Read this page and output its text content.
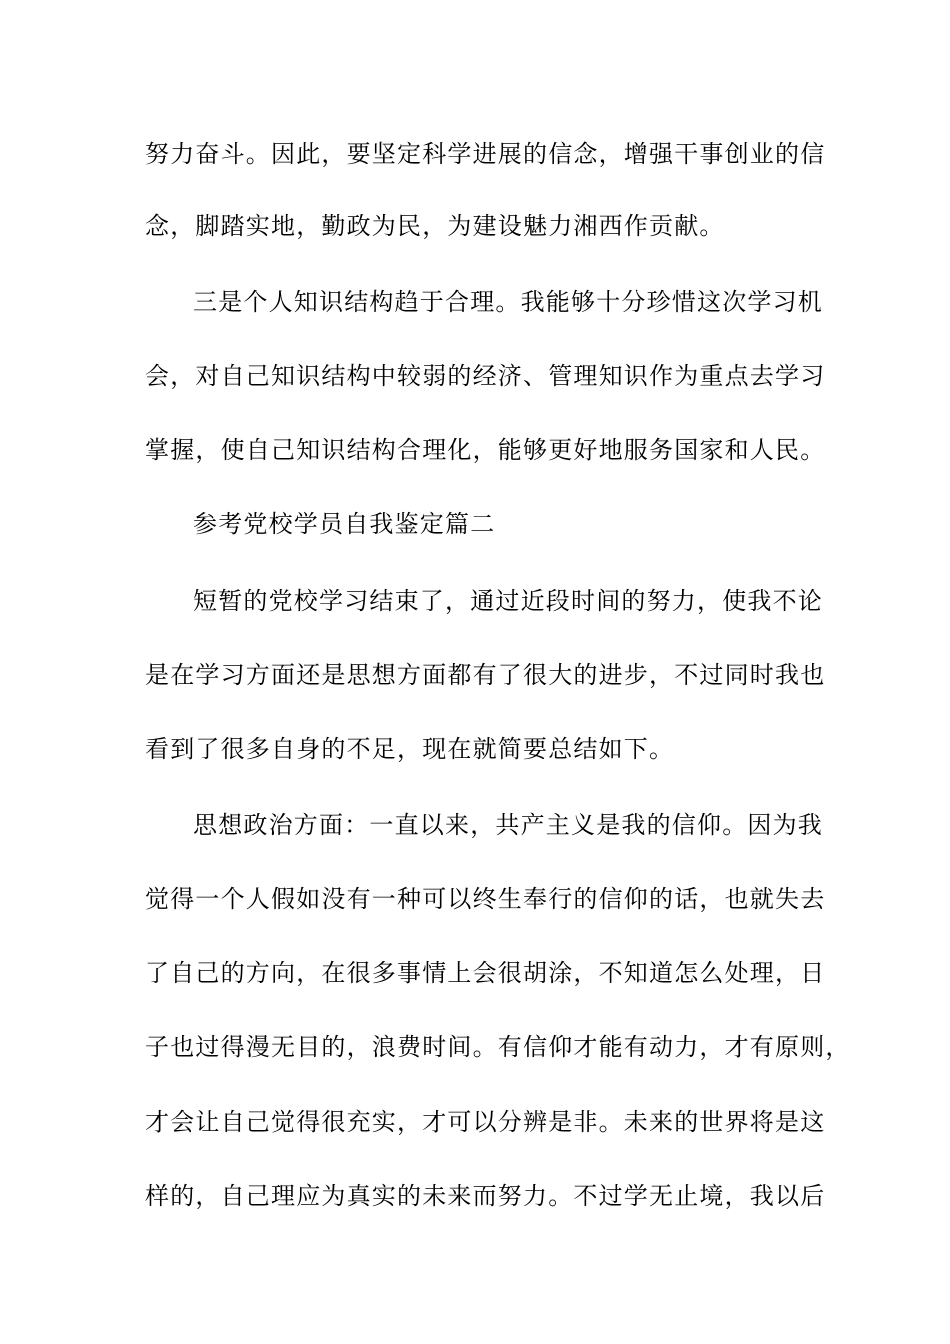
努力奋斗。因此，要坚定科学进展的信念，增强干事创业的信
念，脚踏实地，勤政为民，为建设魅力湘西作贡献。
三是个人知识结构趋于合理。我能够十分珍惜这次学习机
会，对自己知识结构中较弱的经济、管理知识作为重点去学习
掌握，使自己知识结构合理化，能够更好地服务国家和人民。
参考党校学员自我鉴定篇二
短暂的党校学习结束了，通过近段时间的努力，使我不论
是在学习方面还是思想方面都有了很大的进步，不过同时我也
看到了很多自身的不足，现在就简要总结如下。
思想政治方面：一直以来，共产主义是我的信仰。因为我
觉得一个人假如没有一种可以终生奉行的信仰的话，也就失去
了自己的方向，在很多事情上会很胡涂，不知道怎么处理，日
子也过得漫无目的，浪费时间。有信仰才能有动力，才有原则，
才会让自己觉得很充实，才可以分辨是非。未来的世界将是这
样的，自己理应为真实的未来而努力。不过学无止境，我以后
